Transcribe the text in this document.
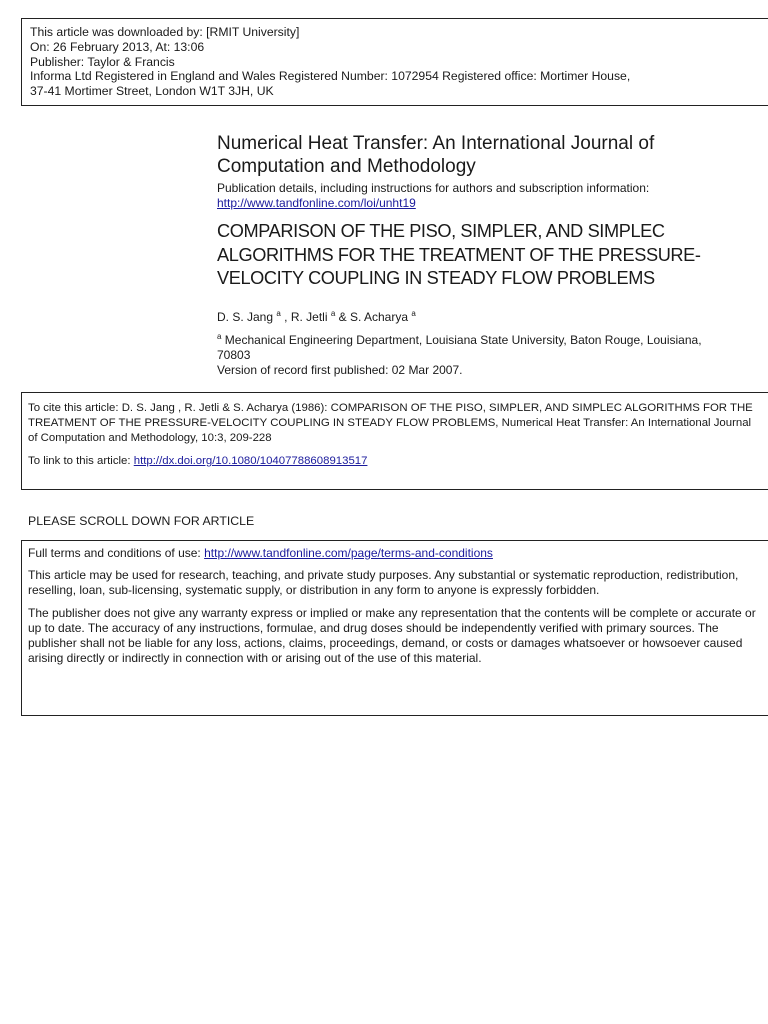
This article was downloaded by: [RMIT University]
On: 26 February 2013, At: 13:06
Publisher: Taylor & Francis
Informa Ltd Registered in England and Wales Registered Number: 1072954 Registered office: Mortimer House,
37-41 Mortimer Street, London W1T 3JH, UK
Numerical Heat Transfer: An International Journal of
Computation and Methodology
Publication details, including instructions for authors and subscription information:
http://www.tandfonline.com/loi/unht19
COMPARISON OF THE PISO, SIMPLER, AND SIMPLEC
ALGORITHMS FOR THE TREATMENT OF THE PRESSURE-
VELOCITY COUPLING IN STEADY FLOW PROBLEMS
D. S. Jang $^a$ , R. Jetli $^a$ & S. Acharya $^a$
$^a$ Mechanical Engineering Department, Louisiana State University, Baton Rouge, Louisiana,
70803
Version of record first published: 02 Mar 2007.
To cite this article: D. S. Jang , R. Jetli & S. Acharya (1986): COMPARISON OF THE PISO, SIMPLER, AND SIMPLEC ALGORITHMS FOR THE TREATMENT OF THE PRESSURE-VELOCITY COUPLING IN STEADY FLOW PROBLEMS, Numerical Heat Transfer: An International Journal of Computation and Methodology, 10:3, 209-228
To link to this article: http://dx.doi.org/10.1080/10407788608913517
PLEASE SCROLL DOWN FOR ARTICLE

Full terms and conditions of use: http://www.tandfonline.com/page/terms-and-conditions

This article may be used for research, teaching, and private study purposes. Any substantial or systematic reproduction, redistribution, reselling, loan, sub-licensing, systematic supply, or distribution in any form to anyone is expressly forbidden.

The publisher does not give any warranty express or implied or make any representation that the contents will be complete or accurate or up to date. The accuracy of any instructions, formulae, and drug doses should be independently verified with primary sources. The publisher shall not be liable for any loss, actions, claims, proceedings, demand, or costs or damages whatsoever or howsoever caused arising directly or indirectly in connection with or arising out of the use of this material.
